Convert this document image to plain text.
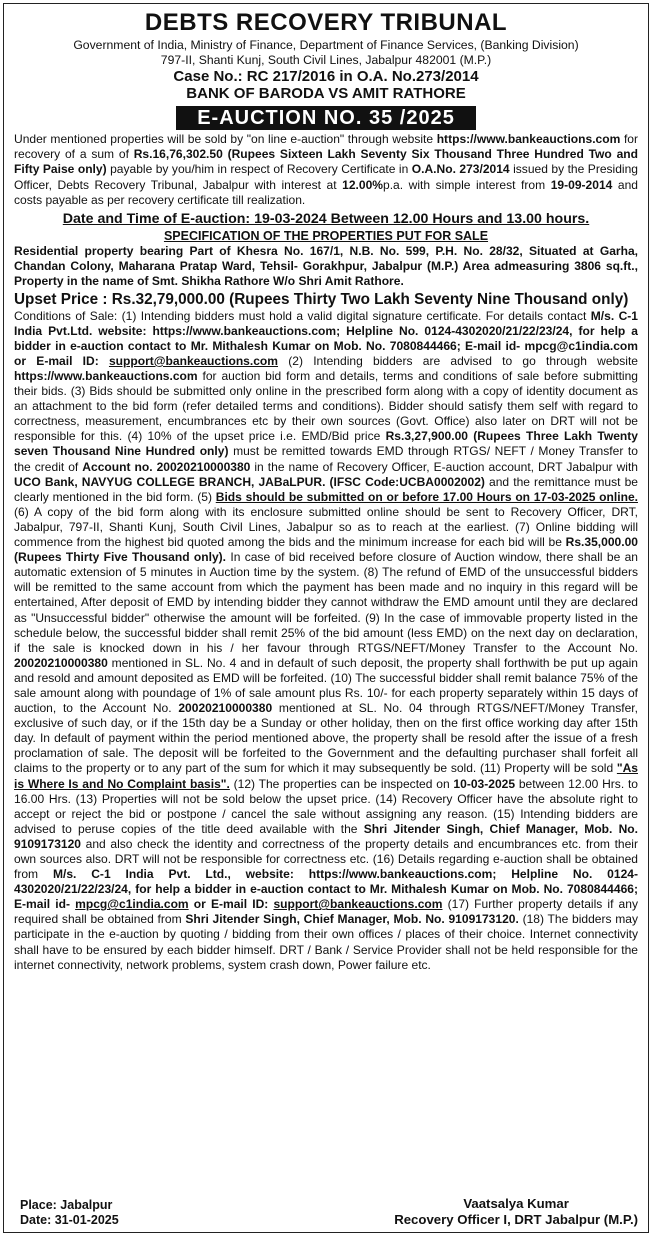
DEBTS RECOVERY TRIBUNAL
Government of India, Ministry of Finance, Department of Finance Services, (Banking Division)
797-II, Shanti Kunj, South Civil Lines, Jabalpur 482001 (M.P.)
Case No.: RC 217/2016 in O.A. No.273/2014
BANK OF BARODA VS AMIT RATHORE
E-AUCTION NO. 35 /2025

Under mentioned properties will be sold by "on line e-auction" through website https://www.bankeauctions.com for recovery of a sum of Rs.16,76,302.50 (Rupees Sixteen Lakh Seventy Six Thousand Three Hundred Two and Fifty Paise only) payable by you/him in respect of Recovery Certificate in O.A.No. 273/2014 issued by the Presiding Officer, Debts Recovery Tribunal, Jabalpur with interest at 12.00%p.a. with simple interest from 19-09-2014 and costs payable as per recovery certificate till realization.

Date and Time of E-auction: 19-03-2024 Between 12.00 Hours and 13.00 hours.
SPECIFICATION OF THE PROPERTIES PUT FOR SALE

Residential property bearing Part of Khesra No. 167/1, N.B. No. 599, P.H. No. 28/32, Situated at Garha, Chandan Colony, Maharana Pratap Ward, Tehsil- Gorakhpur, Jabalpur (M.P.) Area admeasuring 3806 sq.ft., Property in the name of Smt. Shikha Rathore W/o Shri Amit Rathore.

Upset Price : Rs.32,79,000.00 (Rupees Thirty Two Lakh Seventy Nine Thousand only)

Conditions of Sale: (1) Intending bidders must hold a valid digital signature certificate. For details contact M/s. C-1 India Pvt.Ltd. website: https://www.bankeauctions.com; Helpline No. 0124-4302020/21/22/23/24, for help a bidder in e-auction contact to Mr. Mithalesh Kumar on Mob. No. 7080844466; E-mail id- mpcg@c1india.com or E-mail ID: support@bankeauctions.com (2) Intending bidders are advised to go through website https://www.bankeauctions.com for auction bid form and details, terms and conditions of sale before submitting their bids. (3) Bids should be submitted only online in the prescribed form along with a copy of identity document as an attachment to the bid form (refer detailed terms and conditions). Bidder should satisfy them self with regard to correctness, measurement, encumbrances etc by their own sources (Govt. Office) also later on DRT will not be responsible for this. (4) 10% of the upset price i.e. EMD/Bid price Rs.3,27,900.00 (Rupees Three Lakh Twenty seven Thousand Nine Hundred only) must be remitted towards EMD through RTGS/ NEFT / Money Transfer to the credit of Account no. 20020210000380 in the name of Recovery Officer, E-auction account, DRT Jabalpur with UCO Bank, NAVYUG COLLEGE BRANCH, JABaLPUR. (IFSC Code:UCBA0002002) and the remittance must be clearly mentioned in the bid form. (5) Bids should be submitted on or before 17.00 Hours on 17-03-2025 online. (6) A copy of the bid form along with its enclosure submitted online should be sent to Recovery Officer, DRT, Jabalpur, 797-II, Shanti Kunj, South Civil Lines, Jabalpur so as to reach at the earliest. (7) Online bidding will commence from the highest bid quoted among the bids and the minimum increase for each bid will be Rs.35,000.00 (Rupees Thirty Five Thousand only). In case of bid received before closure of Auction window, there shall be an automatic extension of 5 minutes in Auction time by the system. (8) The refund of EMD of the unsuccessful bidders will be remitted to the same account from which the payment has been made and no inquiry in this regard will be entertained, After deposit of EMD by intending bidder they cannot withdraw the EMD amount until they are declared as "Unsuccessful bidder" otherwise the amount will be forfeited. (9) In the case of immovable property listed in the schedule below, the successful bidder shall remit 25% of the bid amount (less EMD) on the next day on declaration, if the sale is knocked down in his / her favour through RTGS/NEFT/Money Transfer to the Account No. 20020210000380 mentioned in SL. No. 4 and in default of such deposit, the property shall forthwith be put up again and resold and amount deposited as EMD will be forfeited. (10) The successful bidder shall remit balance 75% of the sale amount along with poundage of 1% of sale amount plus Rs. 10/- for each property separately within 15 days of auction, to the Account No. 20020210000380 mentioned at SL. No. 04 through RTGS/NEFT/Money Transfer, exclusive of such day, or if the 15th day be a Sunday or other holiday, then on the first office working day after 15th day. In default of payment within the period mentioned above, the property shall be resold after the issue of a fresh proclamation of sale. The deposit will be forfeited to the Government and the defaulting purchaser shall forfeit all claims to the property or to any part of the sum for which it may subsequently be sold. (11) Property will be sold "As is Where Is and No Complaint basis". (12) The properties can be inspected on 10-03-2025 between 12.00 Hrs. to 16.00 Hrs. (13) Properties will not be sold below the upset price. (14) Recovery Officer have the absolute right to accept or reject the bid or postpone / cancel the sale without assigning any reason. (15) Intending bidders are advised to peruse copies of the title deed available with the Shri Jitender Singh, Chief Manager, Mob. No. 9109173120 and also check the identity and correctness of the property details and encumbrances etc. from their own sources also. DRT will not be responsible for correctness etc. (16) Details regarding e-auction shall be obtained from M/s. C-1 India Pvt. Ltd., website: https://www.bankeauctions.com; Helpline No. 0124-4302020/21/22/23/24, for help a bidder in e-auction contact to Mr. Mithalesh Kumar on Mob. No. 7080844466; E-mail id- mpcg@c1india.com or E-mail ID: support@bankeauctions.com (17) Further property details if any required shall be obtained from Shri Jitender Singh, Chief Manager, Mob. No. 9109173120. (18) The bidders may participate in the e-auction by quoting / bidding from their own offices / places of their choice. Internet connectivity shall have to be ensured by each bidder himself. DRT / Bank / Service Provider shall not be held responsible for the internet connectivity, network problems, system crash down, Power failure etc.

Place: Jabalpur
Date: 31-01-2025
Vaatsalya Kumar
Recovery Officer I, DRT Jabalpur (M.P.)
